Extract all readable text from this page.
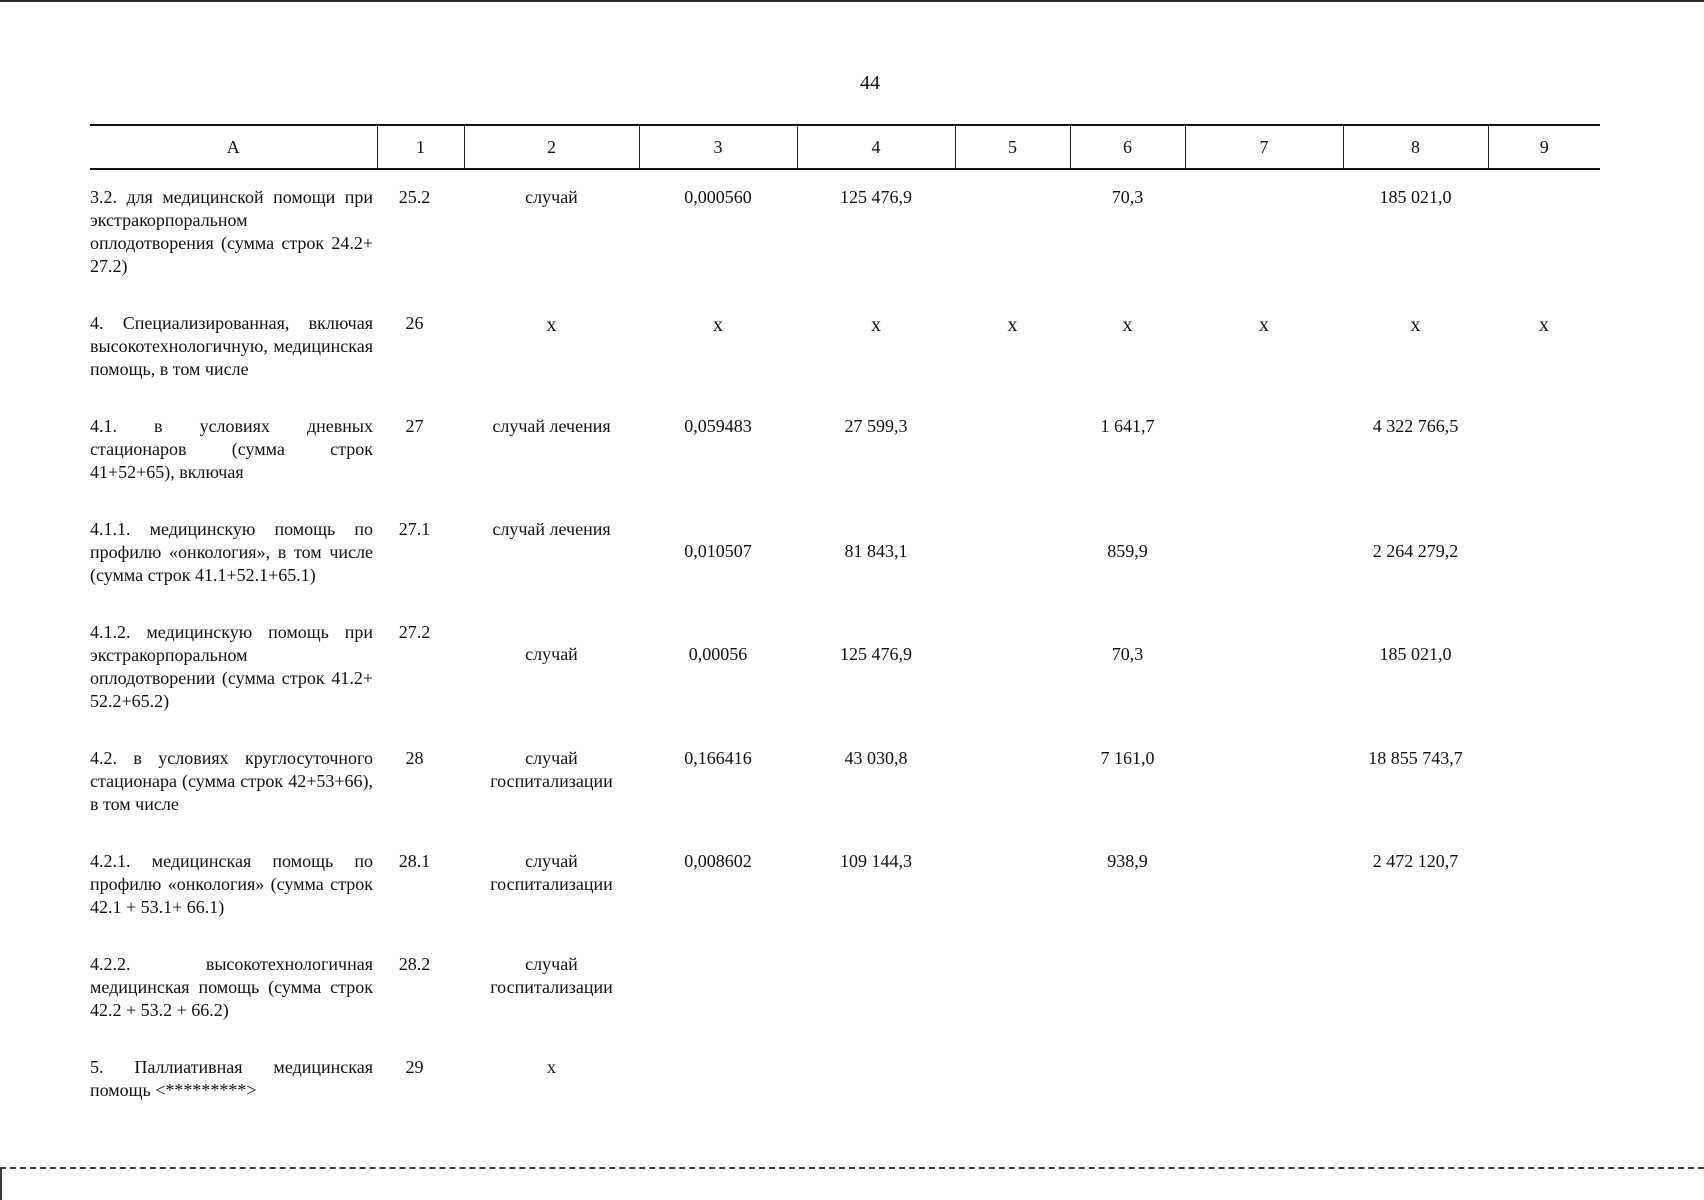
44
A	1	2	3	4	5	6	7	8	9
3.2. для медицинской помощи при экстракорпоральном оплодотворения (сумма строк 24.2+ 27.2)	25.2	случай	0,000560	125 476,9		70,3		185 021,0	
4. Специализированная, включая высокотехнологичную, медицинская помощь, в том числе	26	х	х	х	х	х	х	х	х
4.1. в условиях дневных стационаров (сумма строк 41+52+65), включая	27	случай лечения	0,059483	27 599,3		1 641,7		4 322 766,5	
4.1.1. медицинскую помощь по профилю «онкология», в том числе (сумма строк 41.1+52.1+65.1)	27.1	случай лечения	0,010507	81 843,1		859,9		2 264 279,2	
4.1.2. медицинскую помощь при экстракорпоральном оплодотворении (сумма строк 41.2+ 52.2+65.2)	27.2	случай	0,00056	125 476,9		70,3		185 021,0	
4.2. в условиях круглосуточного стационара (сумма строк 42+53+66), в том числе	28	случай госпитализации	0,166416	43 030,8		7 161,0		18 855 743,7	
4.2.1. медицинская помощь по профилю «онкология» (сумма строк 42.1 + 53.1+ 66.1)	28.1	случай госпитализации	0,008602	109 144,3		938,9		2 472 120,7	
4.2.2. высокотехнологичная медицинская помощь (сумма строк 42.2 + 53.2 + 66.2)	28.2	случай госпитализации							
5. Паллиативная медицинская помощь <*********>	29	х							
